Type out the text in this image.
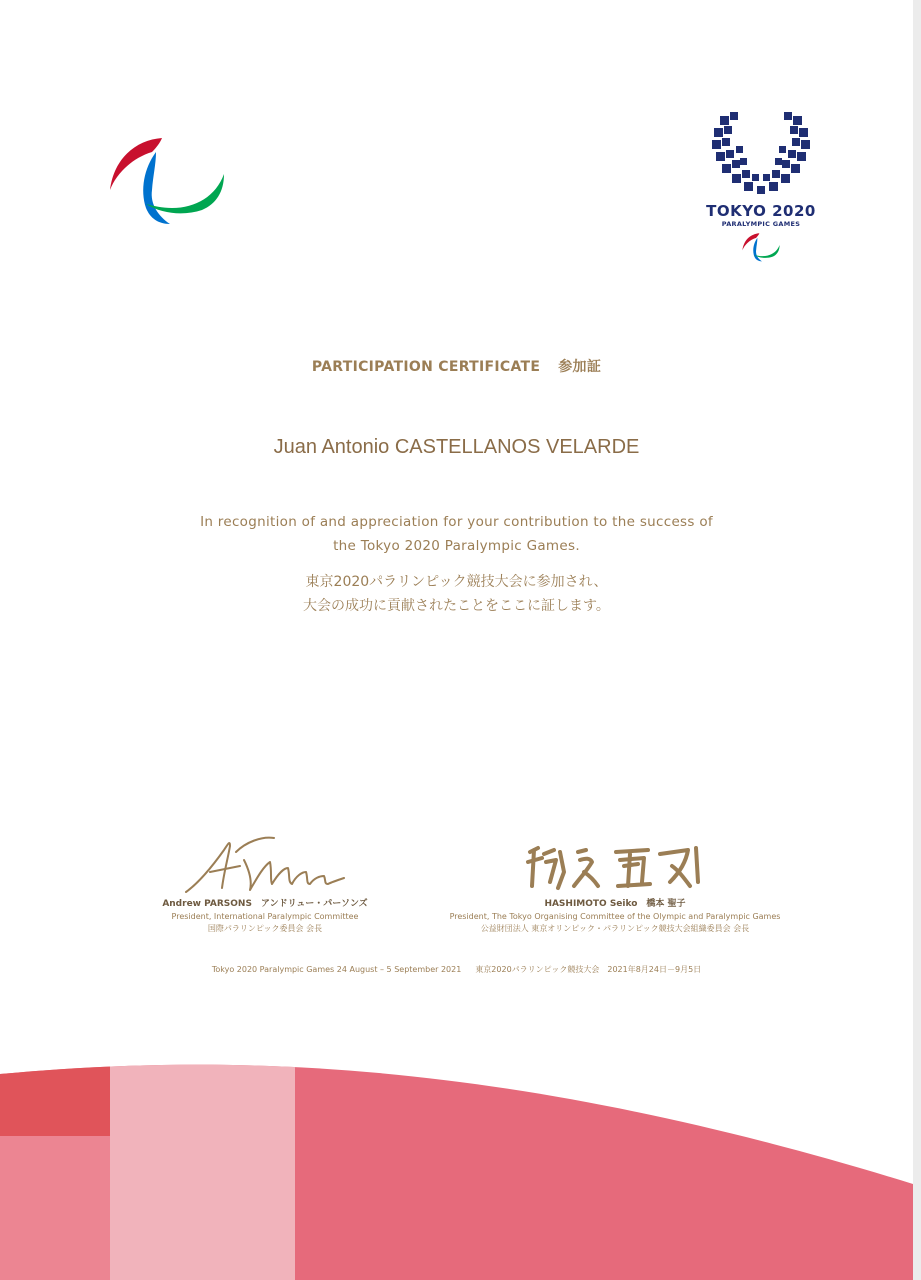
TOKYO 2020
PARALYMPIC GAMES
PARTICIPATION CERTIFICATE 参加証
Juan Antonio CASTELLANOS VELARDE
In recognition of and appreciation for your contribution to the success of
the Tokyo 2020 Paralympic Games.
東京2020パラリンピック競技大会に参加され、
大会の成功に貢献されたことをここに証します。
Andrew PARSONS　アンドリュー・パーソンズ
President, International Paralympic Committee
国際パラリンピック委員会 会長
HASHIMOTO Seiko　橋本 聖子
President, The Tokyo Organising Committee of the Olympic and Paralympic Games
公益財団法人 東京オリンピック・パラリンピック競技大会組織委員会 会長
Tokyo 2020 Paralympic Games 24 August – 5 September 2021 東京2020パラリンピック競技大会　2021年8月24日－9月5日
